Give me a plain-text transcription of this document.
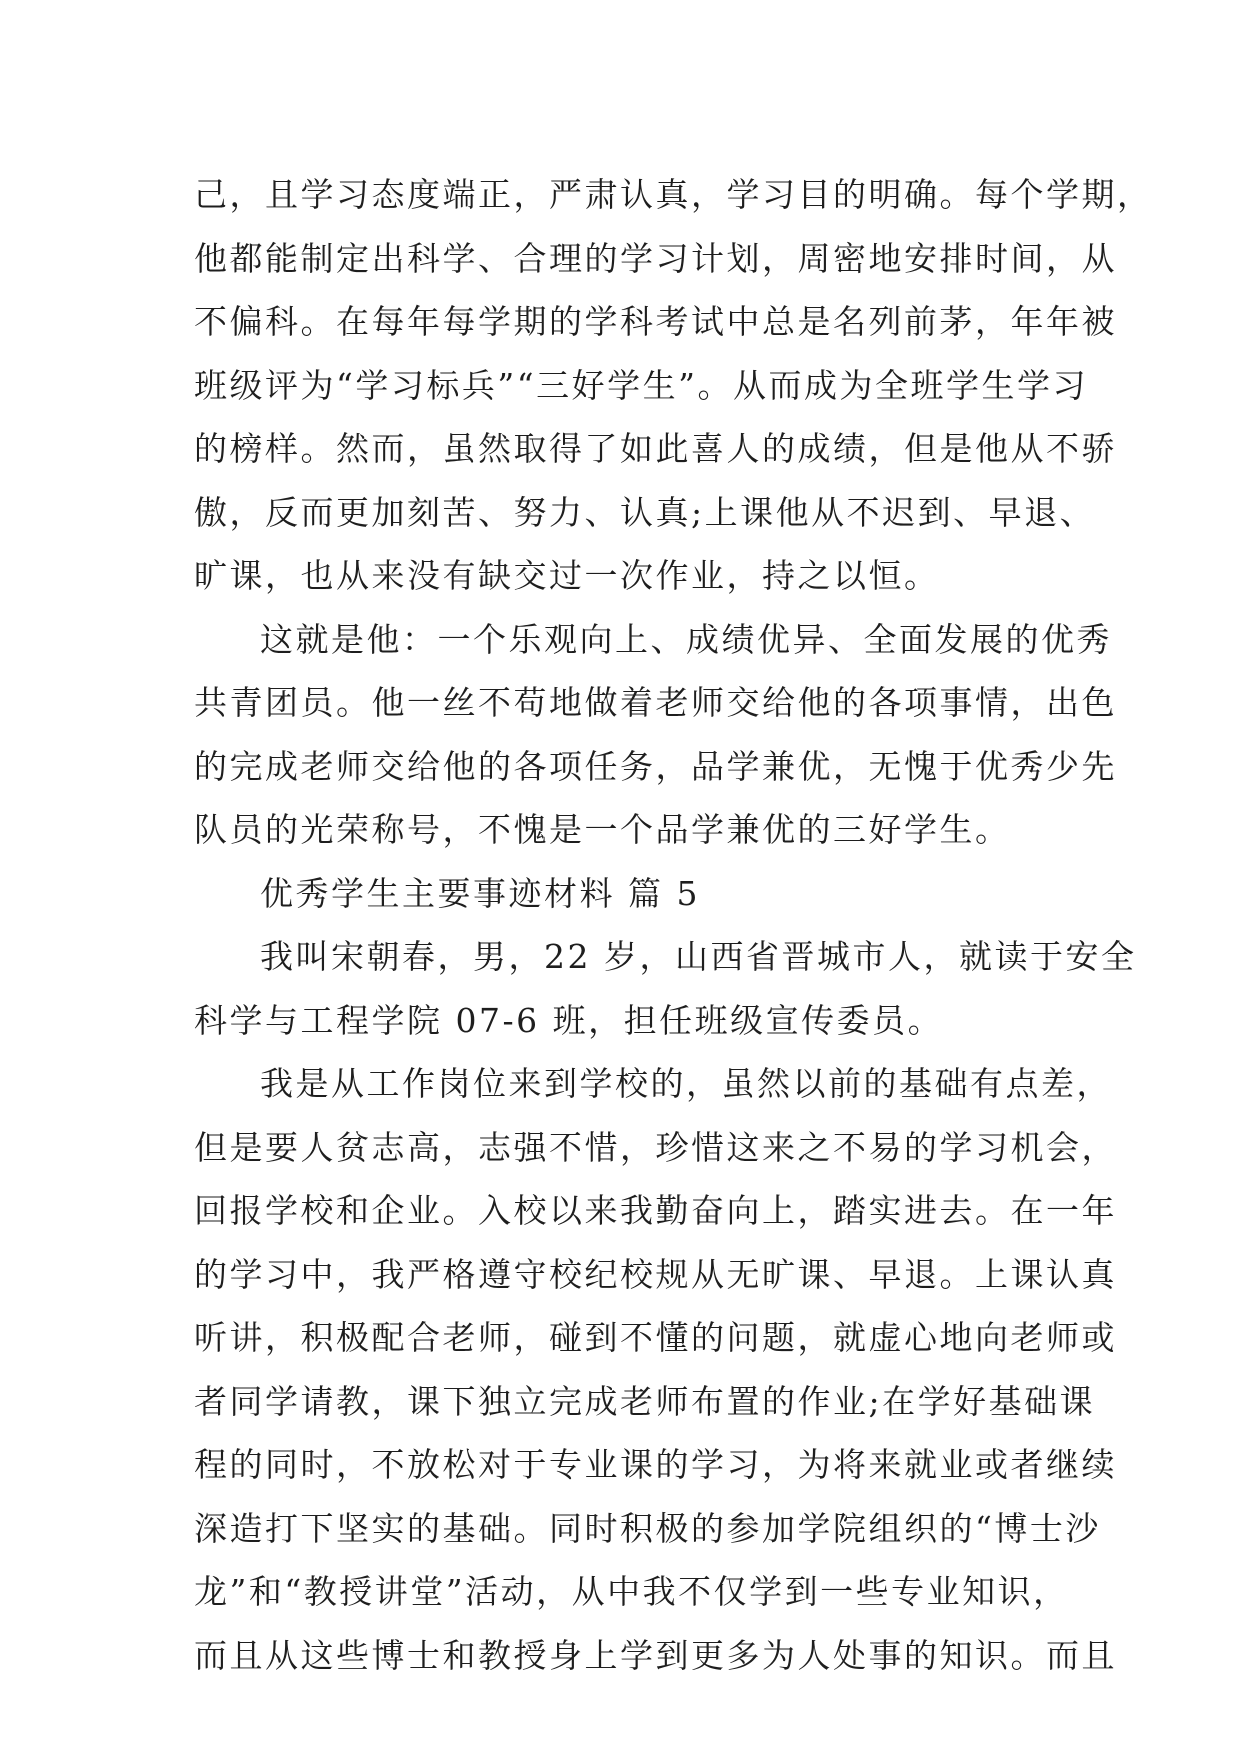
己，且学习态度端正，严肃认真，学习目的明确。每个学期，
他都能制定出科学、合理的学习计划，周密地安排时间，从
不偏科。在每年每学期的学科考试中总是名列前茅，年年被
班级评为“学习标兵”“三好学生”。从而成为全班学生学习
的榜样。然而，虽然取得了如此喜人的成绩，但是他从不骄
傲，反而更加刻苦、努力、认真;上课他从不迟到、早退、
旷课，也从来没有缺交过一次作业，持之以恒。
这就是他：一个乐观向上、成绩优异、全面发展的优秀
共青团员。他一丝不苟地做着老师交给他的各项事情，出色
的完成老师交给他的各项任务，品学兼优，无愧于优秀少先
队员的光荣称号，不愧是一个品学兼优的三好学生。
优秀学生主要事迹材料 篇 5
我叫宋朝春，男，22 岁，山西省晋城市人，就读于安全
科学与工程学院 07-6 班，担任班级宣传委员。
我是从工作岗位来到学校的，虽然以前的基础有点差，
但是要人贫志高，志强不惜，珍惜这来之不易的学习机会，
回报学校和企业。入校以来我勤奋向上，踏实进去。在一年
的学习中，我严格遵守校纪校规从无旷课、早退。上课认真
听讲，积极配合老师，碰到不懂的问题，就虚心地向老师或
者同学请教，课下独立完成老师布置的作业;在学好基础课
程的同时，不放松对于专业课的学习，为将来就业或者继续
深造打下坚实的基础。同时积极的参加学院组织的“博士沙
龙”和“教授讲堂”活动，从中我不仅学到一些专业知识，
而且从这些博士和教授身上学到更多为人处事的知识。而且
